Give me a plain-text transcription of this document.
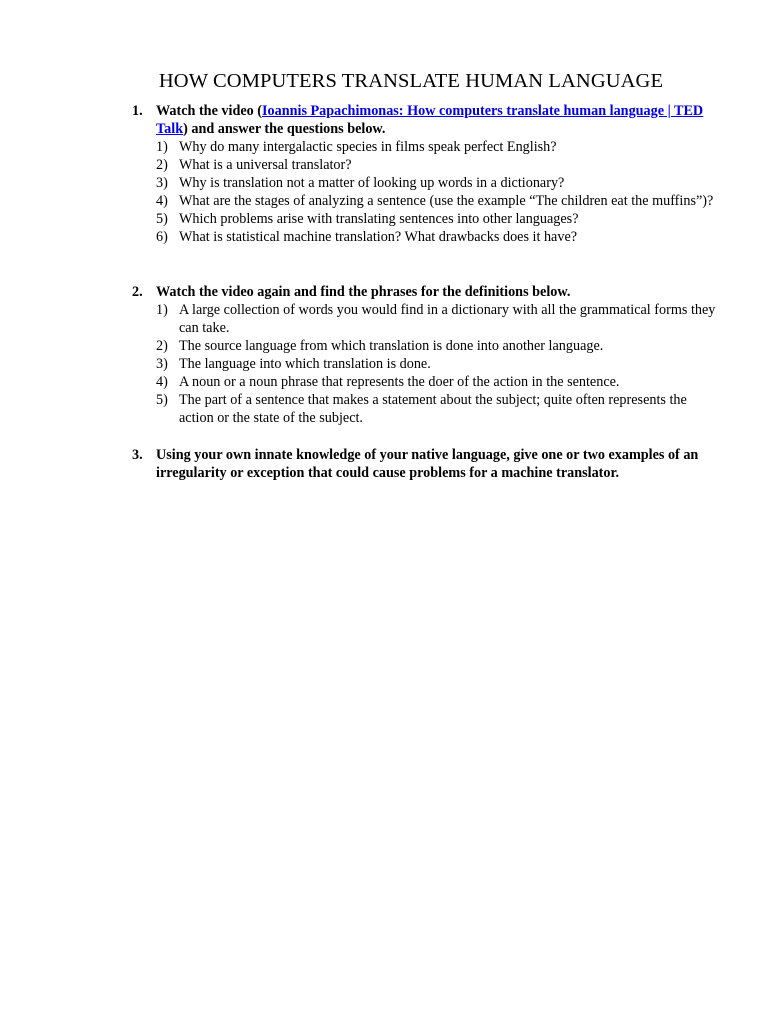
HOW COMPUTERS TRANSLATE HUMAN LANGUAGE
1. Watch the video (Ioannis Papachimonas: How computers translate human language | TED Talk) and answer the questions below.
1) Why do many intergalactic species in films speak perfect English?
2) What is a universal translator?
3) Why is translation not a matter of looking up words in a dictionary?
4) What are the stages of analyzing a sentence (use the example “The children eat the muffins”)?
5) Which problems arise with translating sentences into other languages?
6) What is statistical machine translation? What drawbacks does it have?
2. Watch the video again and find the phrases for the definitions below.
1) A large collection of words you would find in a dictionary with all the grammatical forms they can take.
2) The source language from which translation is done into another language.
3) The language into which translation is done.
4) A noun or a noun phrase that represents the doer of the action in the sentence.
5) The part of a sentence that makes a statement about the subject; quite often represents the action or the state of the subject.
3. Using your own innate knowledge of your native language, give one or two examples of an irregularity or exception that could cause problems for a machine translator.
